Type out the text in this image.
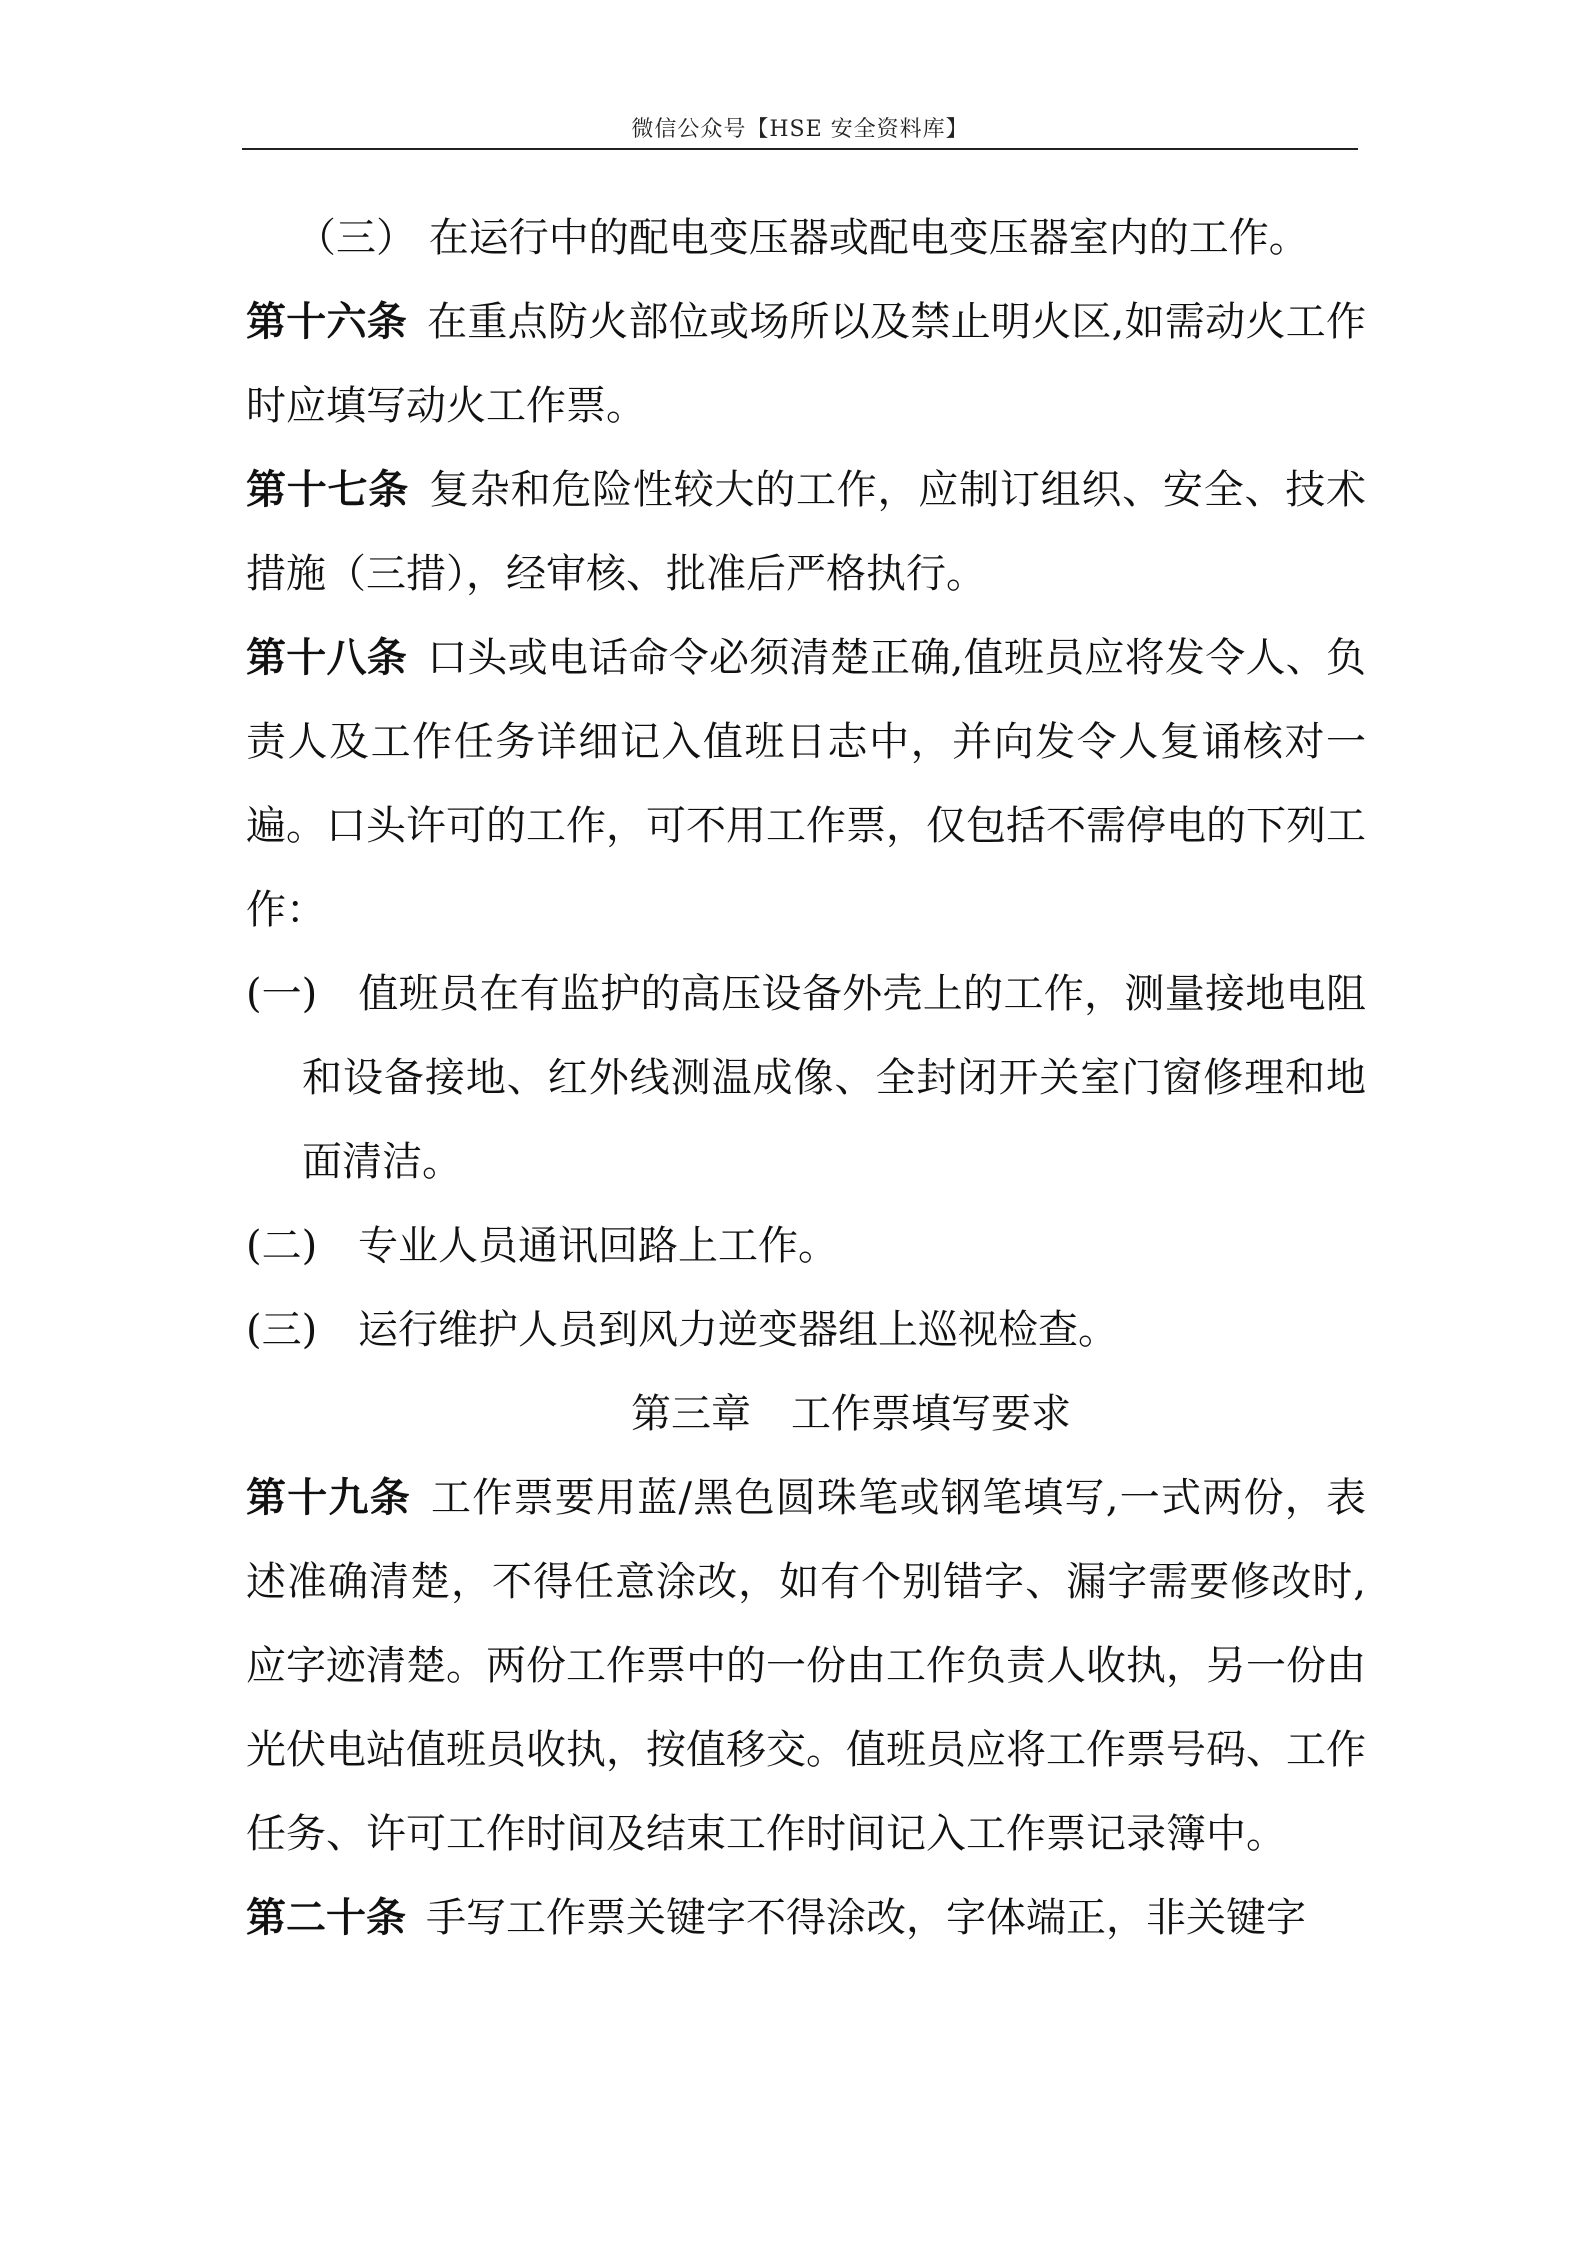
微信公众号【HSE 安全资料库】

（三） 在运行中的配电变压器或配电变压器室内的工作。

第十六条 在重点防火部位或场所以及禁止明火区,如需动火工作时应填写动火工作票。

第十七条 复杂和危险性较大的工作，应制订组织、安全、技术措施（三措），经审核、批准后严格执行。

第十八条 口头或电话命令必须清楚正确,值班员应将发令人、负责人及工作任务详细记入值班日志中，并向发令人复诵核对一遍。口头许可的工作，可不用工作票，仅包括不需停电的下列工作：

(一) 值班员在有监护的高压设备外壳上的工作，测量接地电阻和设备接地、红外线测温成像、全封闭开关室门窗修理和地面清洁。

(二) 专业人员通讯回路上工作。

(三) 运行维护人员到风力逆变器组上巡视检查。

第三章 工作票填写要求

第十九条 工作票要用蓝/黑色圆珠笔或钢笔填写,一式两份，表述准确清楚，不得任意涂改，如有个别错字、漏字需要修改时,应字迹清楚。两份工作票中的一份由工作负责人收执，另一份由光伏电站值班员收执，按值移交。值班员应将工作票号码、工作任务、许可工作时间及结束工作时间记入工作票记录簿中。

第二十条 手写工作票关键字不得涂改，字体端正，非关键字
